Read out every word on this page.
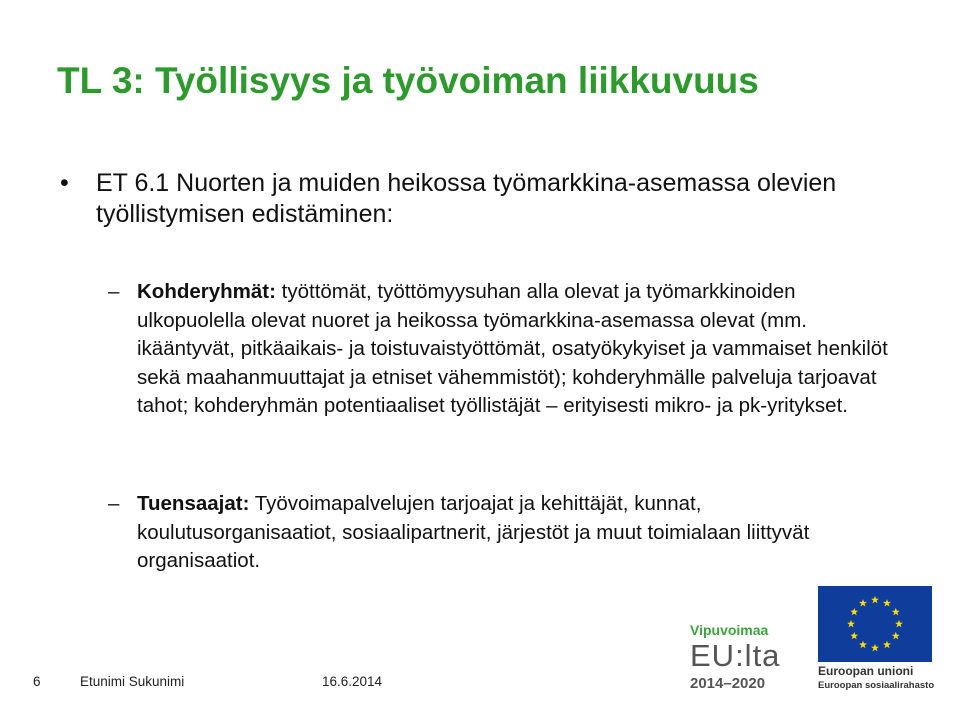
TL 3: Työllisyys ja työvoiman liikkuvuus
• ET 6.1 Nuorten ja muiden heikossa työmarkkina-asemassa olevien työllistymisen edistäminen:
– Kohderyhmät: työttömät, työttömyysuhan alla olevat ja työmarkkinoiden ulkopuolella olevat nuoret ja heikossa työmarkkina-asemassa olevat (mm. ikääntyvät, pitkäaikais- ja toistuvaistyöttömät, osatyökykyiset ja vammaiset henkilöt sekä maahanmuuttajat ja etniset vähemmistöt); kohderyhmälle palveluja tarjoavat tahot; kohderyhmän potentiaaliset työllistäjät – erityisesti mikro- ja pk-yritykset.
– Tuensaajat: Työvoimapalvelujen tarjoajat ja kehittäjät, kunnat, koulutusorganisaatiot, sosiaalipartnerit, järjestöt ja muut toimialaan liittyvät organisaatiot.
6	Etunimi Sukunimi	16.6.2014
Vipuvoimaa
EU:lta
2014–2020
Euroopan unioni
Euroopan sosiaalirahasto
